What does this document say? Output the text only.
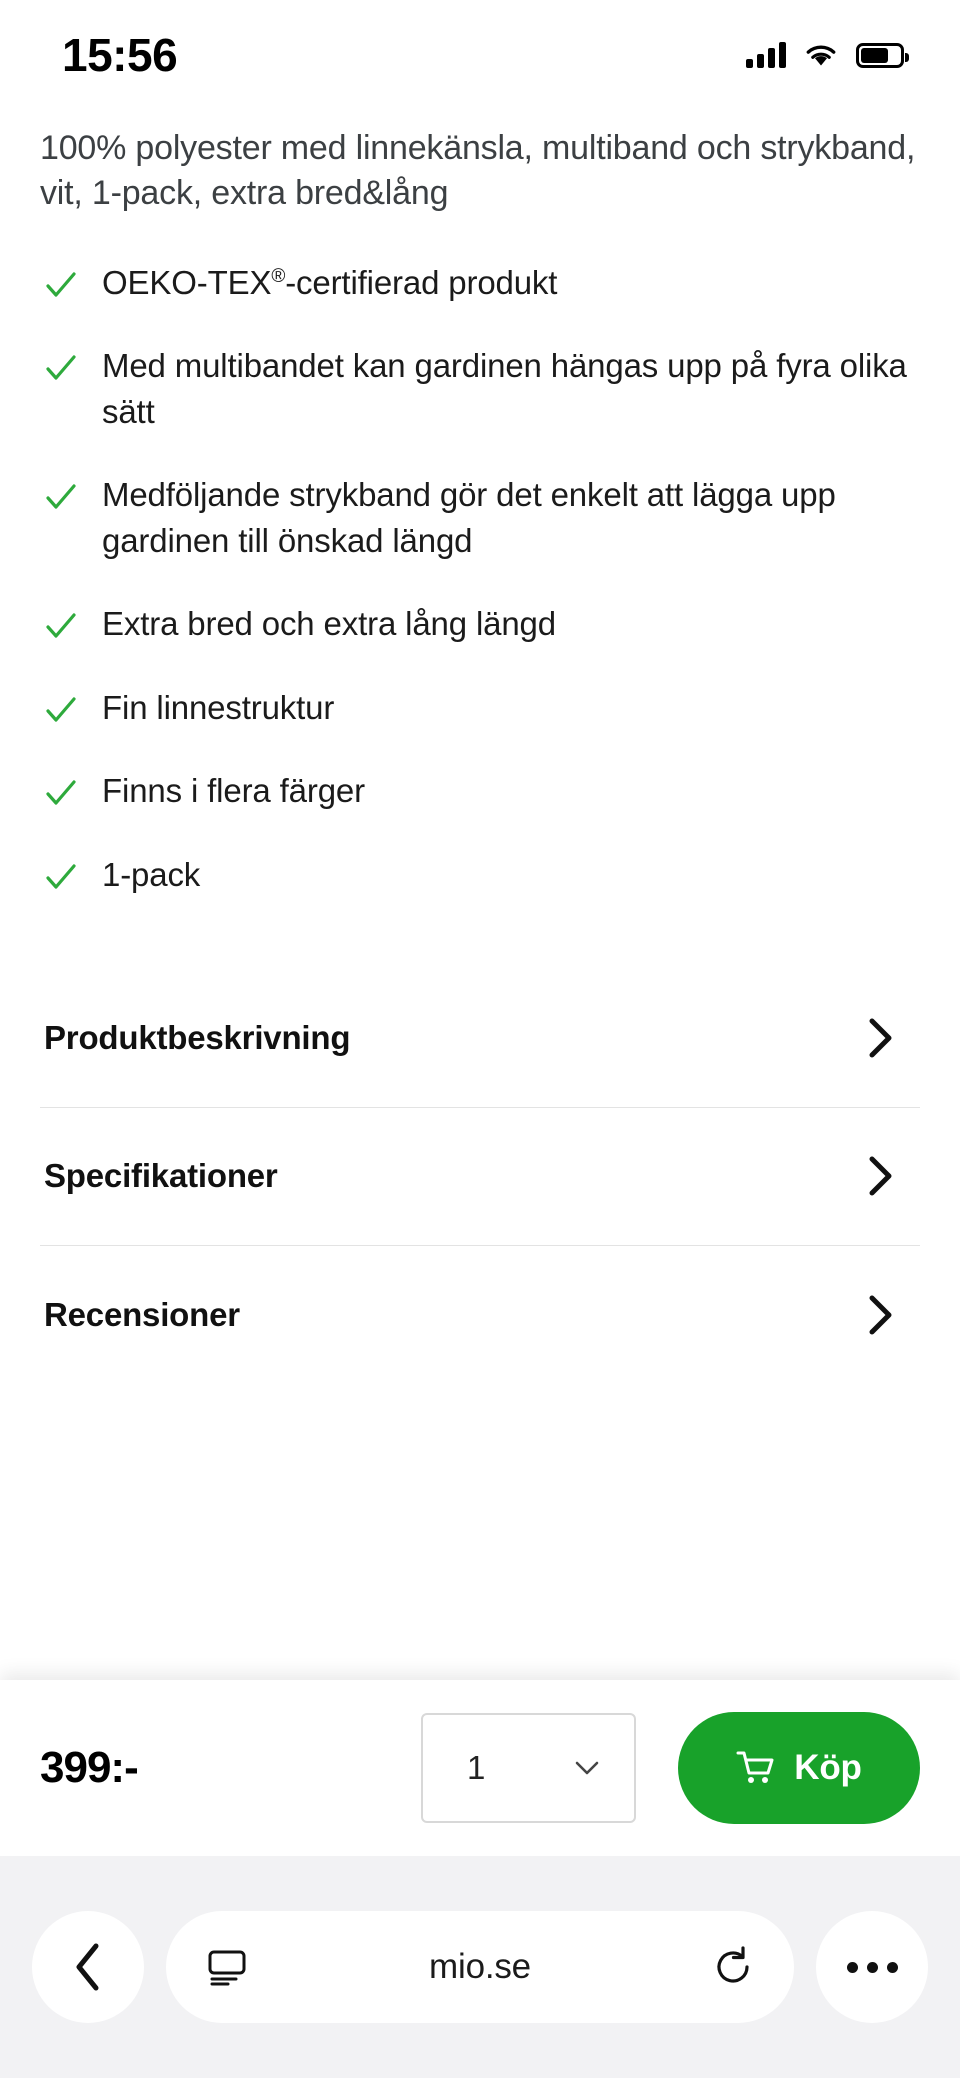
15:56

100% polyester med linnekänsla, multiband och strykband, vit, 1-pack, extra bred&lång

OEKO-TEX®-certifierad produkt
Med multibandet kan gardinen hängas upp på fyra olika sätt
Medföljande strykband gör det enkelt att lägga upp gardinen till önskad längd
Extra bred och extra lång längd
Fin linnestruktur
Finns i flera färger
1-pack
Produktbeskrivning
Specifikationer
Recensioner
399:-	1	Köp
mio.se
